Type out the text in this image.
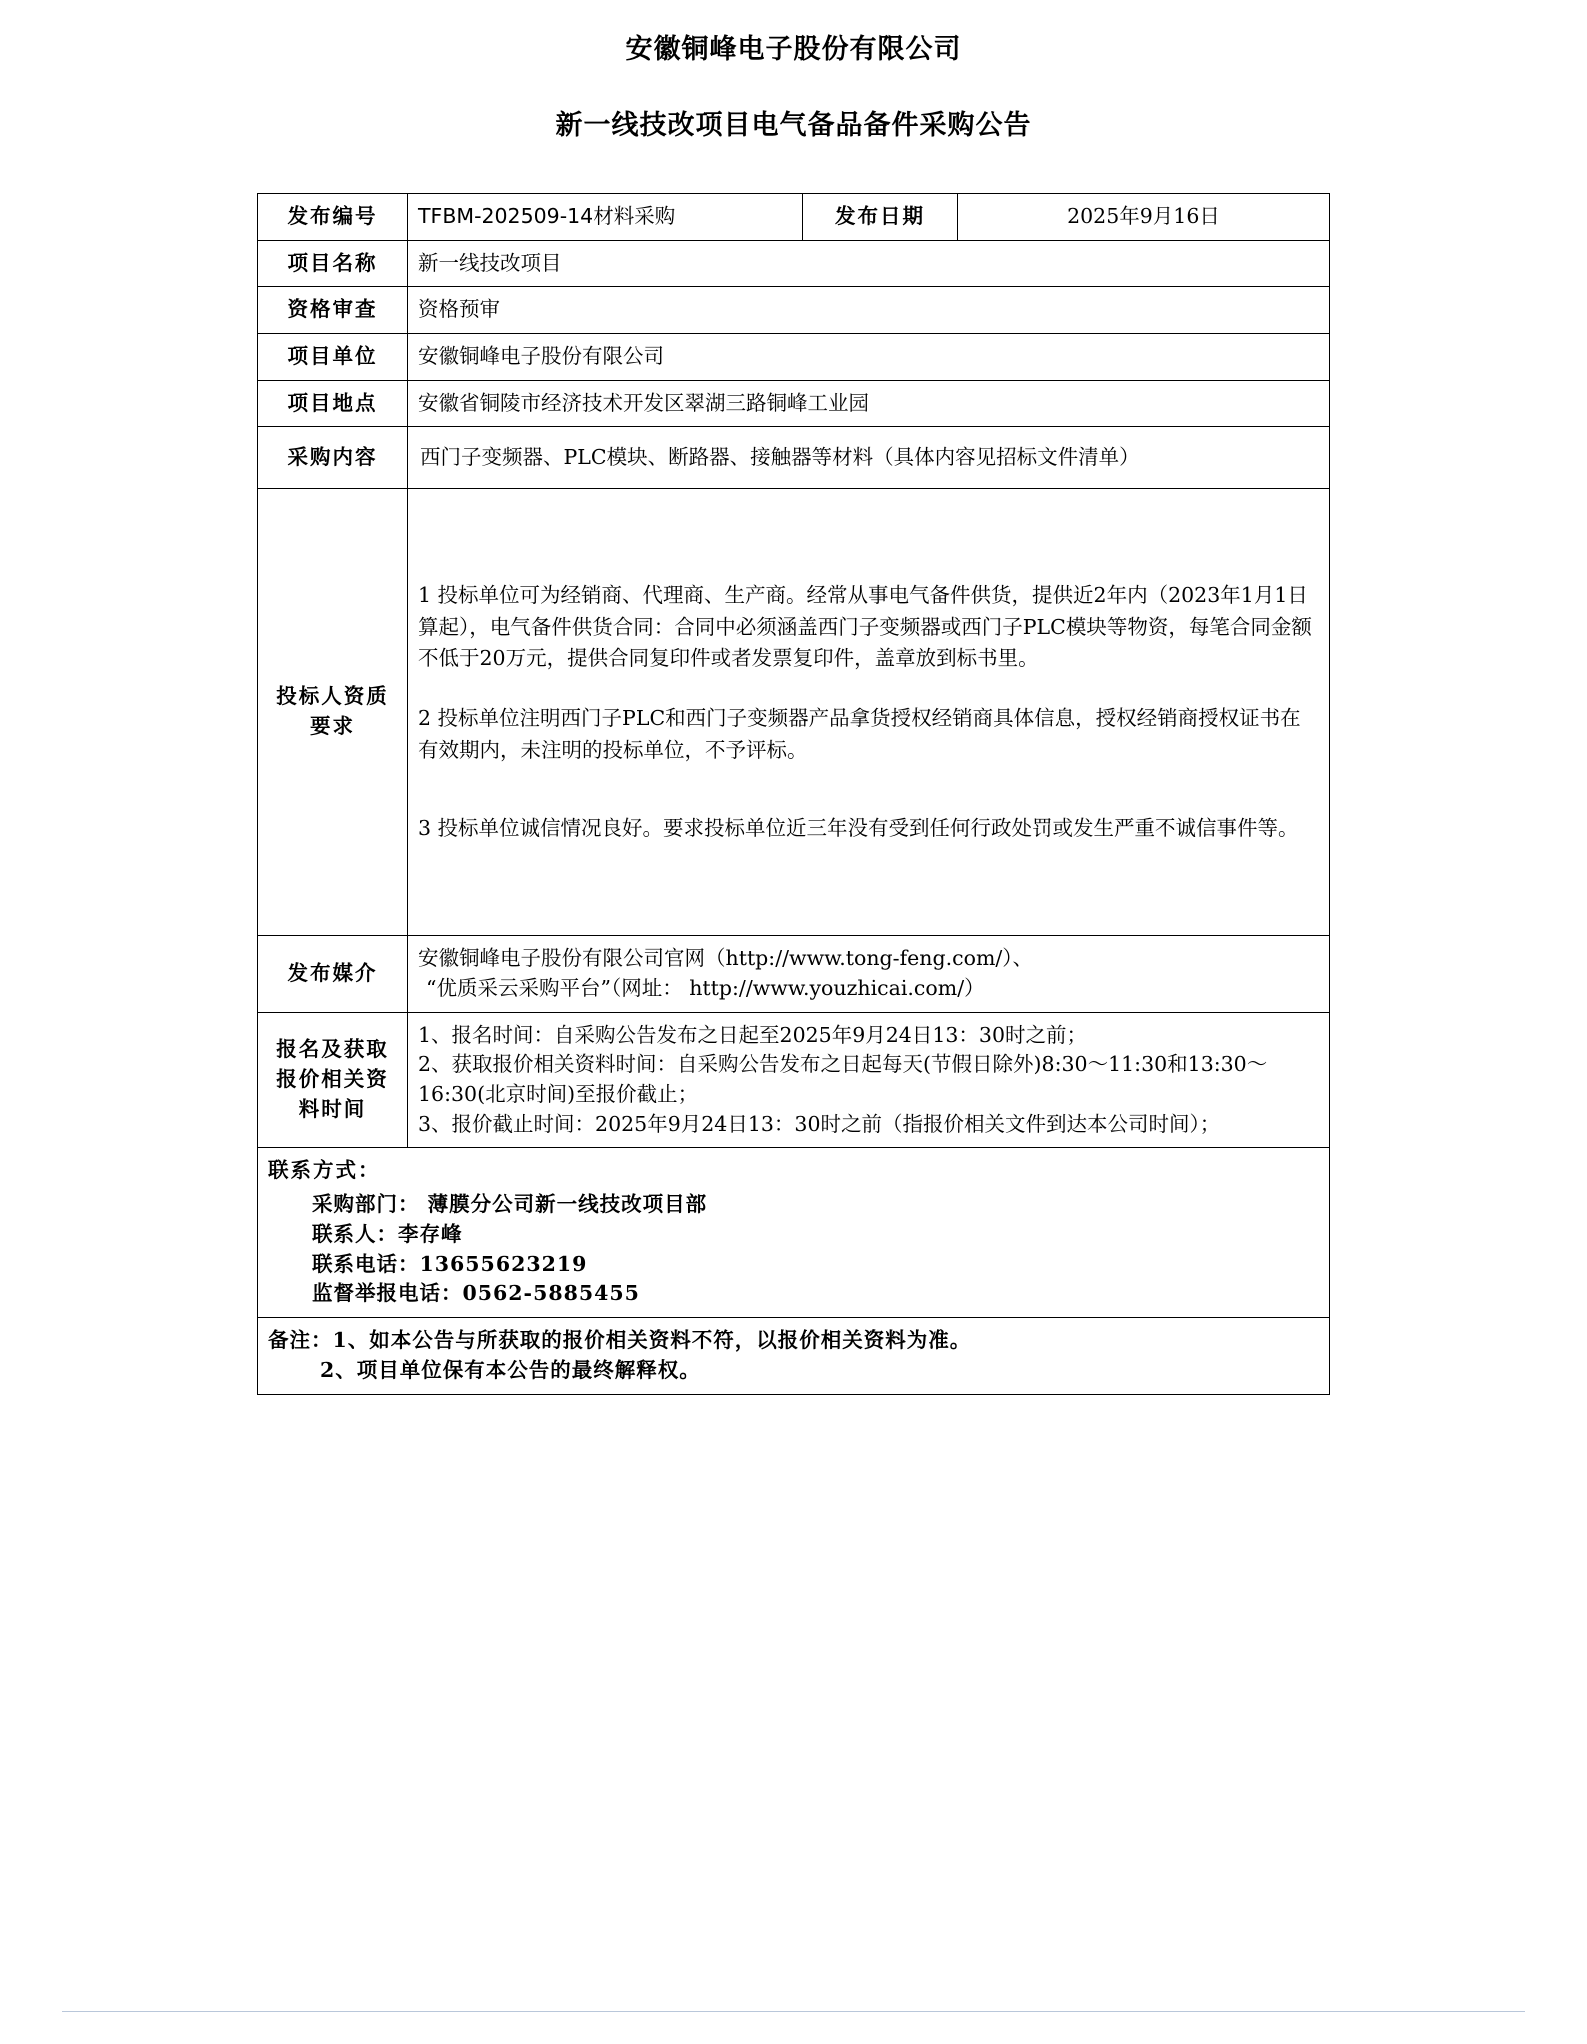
安徽铜峰电子股份有限公司
新一线技改项目电气备品备件采购公告
发布编号	TFBM-202509-14材料采购	发布日期	2025年9月16日
项目名称	新一线技改项目		
资格审查	资格预审		
项目单位	安徽铜峰电子股份有限公司		
项目地点	安徽省铜陵市经济技术开发区翠湖三路铜峰工业园		
采购内容	西门子变频器、PLC模块、断路器、接触器等材料（具体内容见招标文件清单）		
投标人资质要求	1 投标单位可为经销商、代理商、生产商。经常从事电气备件供货，提供近2年内（2023年1月1日算起），电气备件供货合同：合同中必须涵盖西门子变频器或西门子PLC模块等物资，每笔合同金额不低于20万元，提供合同复印件或者发票复印件，盖章放到标书里。

2 投标单位注明西门子PLC和西门子变频器产品拿货授权经销商具体信息，授权经销商授权证书在有效期内，未注明的投标单位，不予评标。

3 投标单位诚信情况良好。要求投标单位近三年没有受到任何行政处罚或发生严重不诚信事件等。		

发布媒介	安徽铜峰电子股份有限公司官网（http://www.tong-feng.com/）、
“优质采云采购平台”（网址： http://www.youzhicai.com/）		

报名及获取报价相关资料时间	1、报名时间：自采购公告发布之日起至2025年9月24日13：30时之前；
2、获取报价相关资料时间：自采购公告发布之日起每天(节假日除外)8:30～11:30和13:30～16:30(北京时间)至报价截止；
3、报价截止时间：2025年9月24日13：30时之前（指报价相关文件到达本公司时间）；		

联系方式：
采购部门： 薄膜分公司新一线技改项目部
联系人：李存峰
联系电话：13655623219
监督举报电话：0562-5885455			

备注：1、如本公告与所获取的报价相关资料不符，以报价相关资料为准。
2、项目单位保有本公告的最终解释权。			
